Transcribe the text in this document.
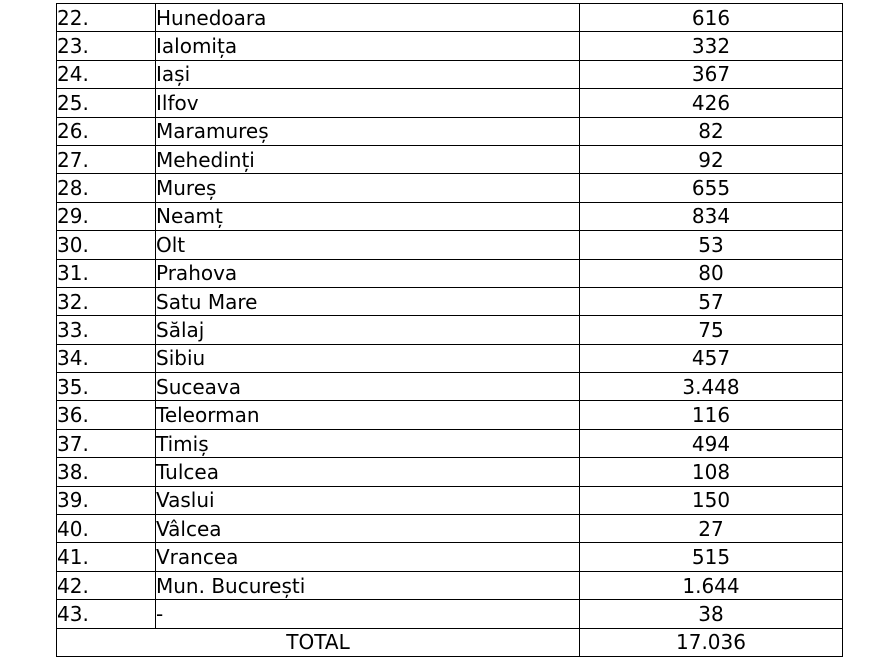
22.	Hunedoara	616
23.	Ialomița	332
24.	Iași	367
25.	Ilfov	426
26.	Maramureș	82
27.	Mehedinți	92
28.	Mureș	655
29.	Neamț	834
30.	Olt	53
31.	Prahova	80
32.	Satu Mare	57
33.	Sălaj	75
34.	Sibiu	457
35.	Suceava	3.448
36.	Teleorman	116
37.	Timiș	494
38.	Tulcea	108
39.	Vaslui	150
40.	Vâlcea	27
41.	Vrancea	515
42.	Mun. București	1.644
43.	-	38
TOTAL		17.036
